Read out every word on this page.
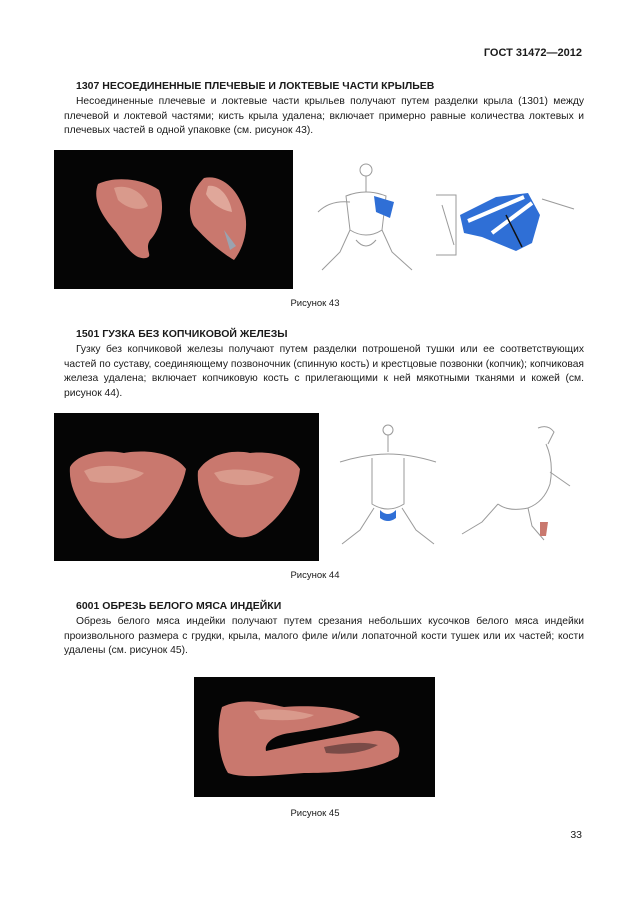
ГОСТ 31472—2012
1307 НЕСОЕДИНЕННЫЕ ПЛЕЧЕВЫЕ И ЛОКТЕВЫЕ ЧАСТИ КРЫЛЬЕВ
Несоединенные плечевые и локтевые части крыльев получают путем разделки крыла (1301) между плечевой и локтевой частями; кисть крыла удалена; включает примерно равные количества локтевых и плечевых частей в одной упаковке (см. рисунок 43).
Рисунок 43
1501 ГУЗКА БЕЗ КОПЧИКОВОЙ ЖЕЛЕЗЫ
Гузку без копчиковой железы получают путем разделки потрошеной тушки или ее соответствующих частей по суставу, соединяющему позвоночник (спинную кость) и крестцовые позвонки (копчик); копчиковая железа удалена; включает копчиковую кость с прилегающими к ней мякотными тканями и кожей (см. рисунок 44).
Рисунок 44
6001 ОБРЕЗЬ БЕЛОГО МЯСА ИНДЕЙКИ
Обрезь белого мяса индейки получают путем срезания небольших кусочков белого мяса индейки произвольного размера с грудки, крыла, малого филе и/или лопаточной кости тушек или их частей; кости удалены (см. рисунок 45).
Рисунок 45
33
